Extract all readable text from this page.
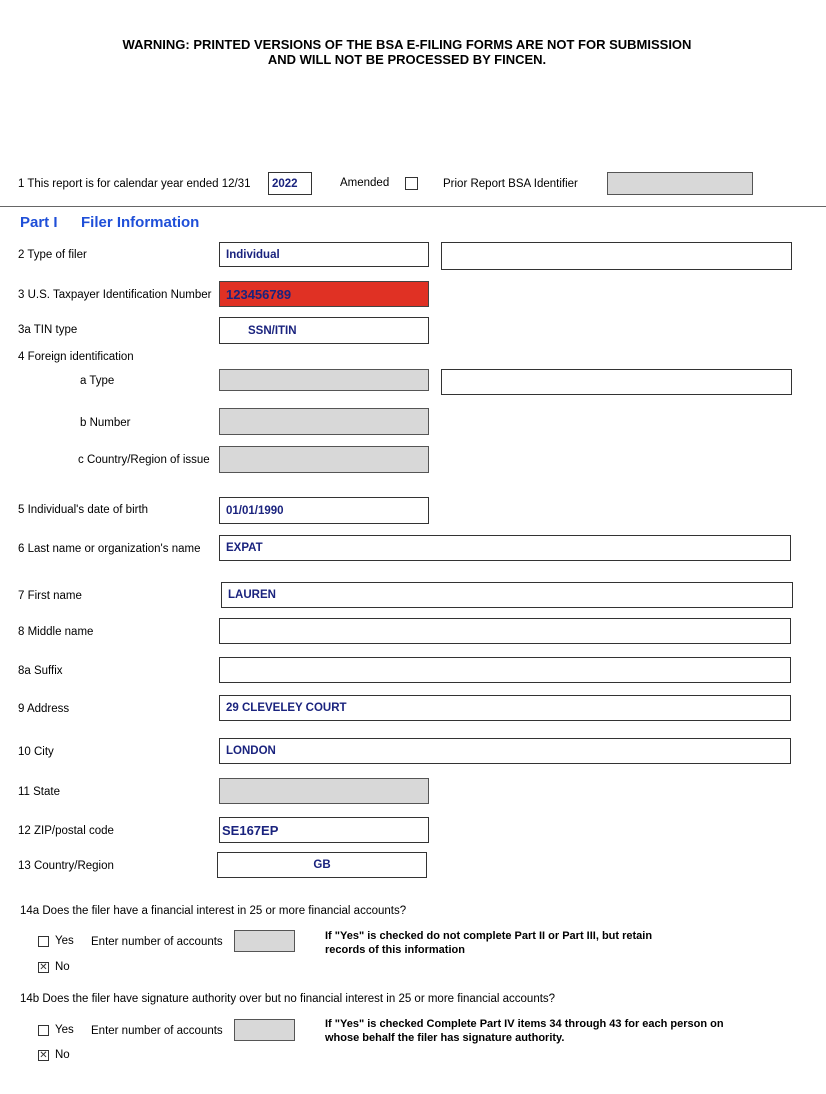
WARNING: PRINTED VERSIONS OF THE BSA E-FILING FORMS ARE NOT FOR SUBMISSION
AND WILL NOT BE PROCESSED BY FINCEN.
1 This report is for calendar year ended 12/31	2022	Amended	Prior Report BSA Identifier
Part I Filer Information
2 Type of filer	Individual
3 U.S. Taxpayer Identification Number	123456789
3a TIN type	SSN/ITIN
4 Foreign identification
a Type
b Number
c Country/Region of issue
5 Individual's date of birth	01/01/1990
6 Last name or organization's name	EXPAT
7 First name	LAUREN
8 Middle name
8a Suffix
9 Address	29 CLEVELEY COURT
10 City	LONDON
11 State
12 ZIP/postal code	SE167EP
13 Country/Region	GB
14a Does the filer have a financial interest in 25 or more financial accounts?
Yes Enter number of accounts	If "Yes" is checked do not complete Part II or Part III, but retain
records of this information
✕ No
14b Does the filer have signature authority over but no financial interest in 25 or more financial accounts?
Yes Enter number of accounts
If "Yes" is checked Complete Part IV items 34 through 43 for each person on
whose behalf the filer has signature authority.
✕ No
